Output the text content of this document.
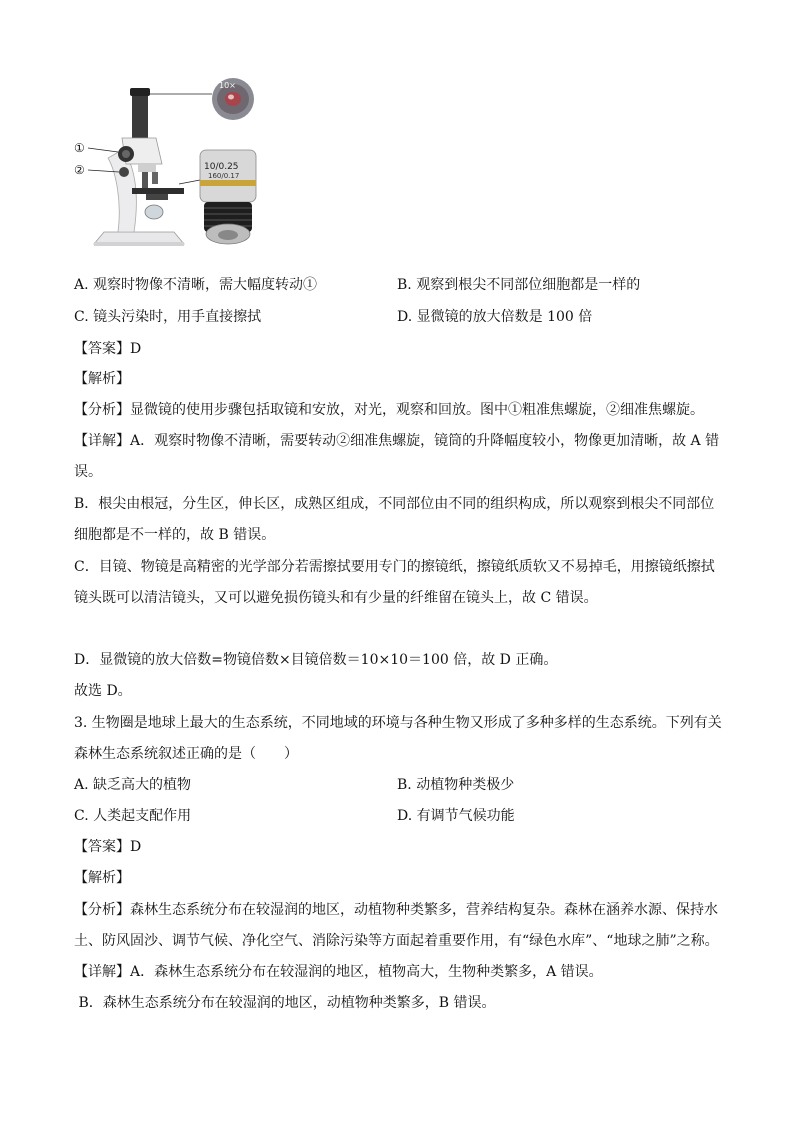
10×
①
②	10/0.25
160/0.17
A. 观察时物像不清晰，需大幅度转动①	B. 观察到根尖不同部位细胞都是一样的
C. 镜头污染时，用手直接擦拭	D. 显微镜的放大倍数是 100 倍
【答案】D
【解析】
【分析】显微镜的使用步骤包括取镜和安放，对光，观察和回放。图中①粗准焦螺旋，②细准焦螺旋。
【详解】A．观察时物像不清晰，需要转动②细准焦螺旋，镜筒的升降幅度较小，物像更加清晰，故 A 错
误。
B．根尖由根冠，分生区，伸长区，成熟区组成，不同部位由不同的组织构成，所以观察到根尖不同部位
细胞都是不一样的，故 B 错误。
C．目镜、物镜是高精密的光学部分若需擦拭要用专门的擦镜纸，擦镜纸质软又不易掉毛，用擦镜纸擦拭
镜头既可以清洁镜头，又可以避免损伤镜头和有少量的纤维留在镜头上，故 C 错误。
D．显微镜的放大倍数=物镜倍数×目镜倍数＝10×10＝100 倍，故 D 正确。
故选 D。
3. 生物圈是地球上最大的生态系统，不同地域的环境与各种生物又形成了多种多样的生态系统。下列有关
森林生态系统叙述正确的是（　　）
A. 缺乏高大的植物	B. 动植物种类极少
C. 人类起支配作用	D. 有调节气候功能
【答案】D
【解析】
【分析】森林生态系统分布在较湿润的地区，动植物种类繁多，营养结构复杂。森林在涵养水源、保持水
土、防风固沙、调节气候、净化空气、消除污染等方面起着重要作用，有“绿色水库”、“地球之肺”之称。
【详解】A．森林生态系统分布在较湿润的地区，植物高大，生物种类繁多，A 错误。
B．森林生态系统分布在较湿润的地区，动植物种类繁多，B 错误。
